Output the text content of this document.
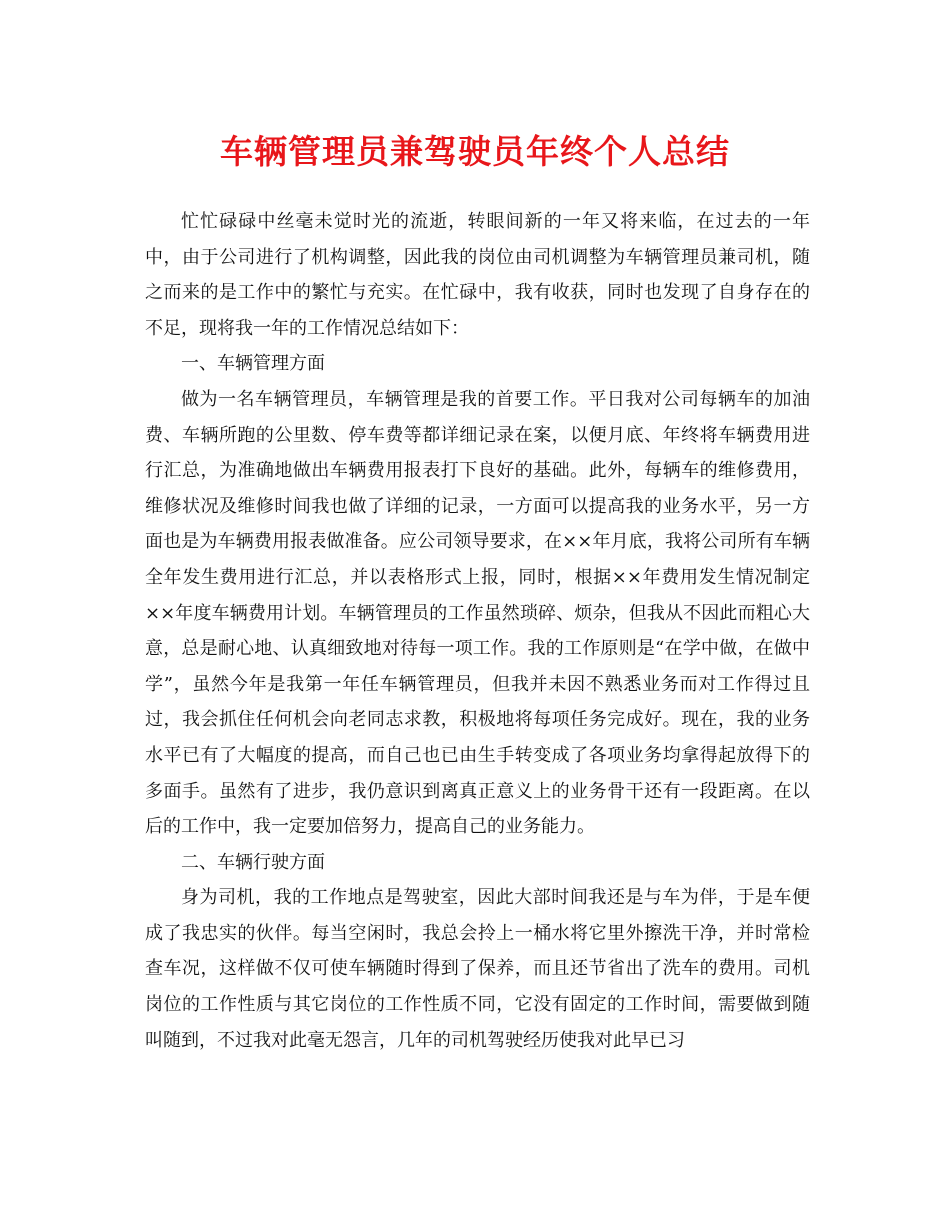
车辆管理员兼驾驶员年终个人总结

忙忙碌碌中丝毫未觉时光的流逝，转眼间新的一年又将来临，在过去的一年中，由于公司进行了机构调整，因此我的岗位由司机调整为车辆管理员兼司机，随之而来的是工作中的繁忙与充实。在忙碌中，我有收获，同时也发现了自身存在的不足，现将我一年的工作情况总结如下：

一、车辆管理方面

做为一名车辆管理员，车辆管理是我的首要工作。平日我对公司每辆车的加油费、车辆所跑的公里数、停车费等都详细记录在案，以便月底、年终将车辆费用进行汇总，为准确地做出车辆费用报表打下良好的基础。此外，每辆车的维修费用，维修状况及维修时间我也做了详细的记录，一方面可以提高我的业务水平，另一方面也是为车辆费用报表做准备。应公司领导要求，在××年月底，我将公司所有车辆全年发生费用进行汇总，并以表格形式上报，同时，根据××年费用发生情况制定××年度车辆费用计划。车辆管理员的工作虽然琐碎、烦杂，但我从不因此而粗心大意，总是耐心地、认真细致地对待每一项工作。我的工作原则是“在学中做，在做中学”，虽然今年是我第一年任车辆管理员，但我并未因不熟悉业务而对工作得过且过，我会抓住任何机会向老同志求教，积极地将每项任务完成好。现在，我的业务水平已有了大幅度的提高，而自己也已由生手转变成了各项业务均拿得起放得下的多面手。虽然有了进步，我仍意识到离真正意义上的业务骨干还有一段距离。在以后的工作中，我一定要加倍努力，提高自己的业务能力。

二、车辆行驶方面

身为司机，我的工作地点是驾驶室，因此大部时间我还是与车为伴，于是车便成了我忠实的伙伴。每当空闲时，我总会拎上一桶水将它里外擦洗干净，并时常检查车况，这样做不仅可使车辆随时得到了保养，而且还节省出了洗车的费用。司机岗位的工作性质与其它岗位的工作性质不同，它没有固定的工作时间，需要做到随叫随到，不过我对此毫无怨言，几年的司机驾驶经历使我对此早已习
